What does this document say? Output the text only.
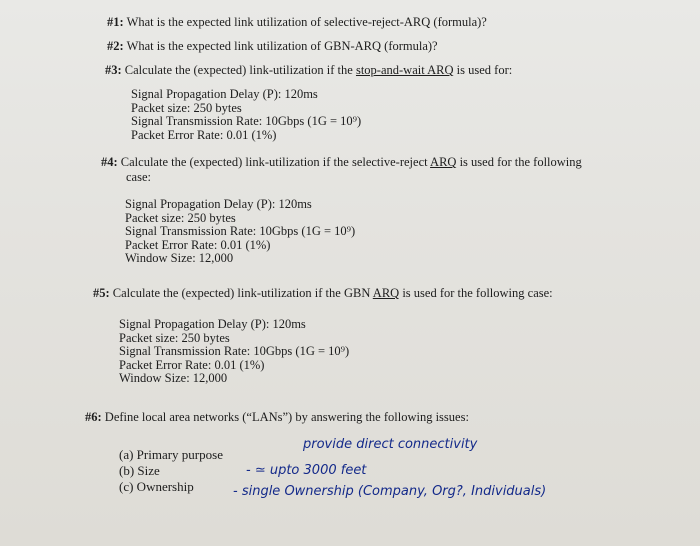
#1: What is the expected link utilization of selective-reject-ARQ (formula)?
#2: What is the expected link utilization of GBN-ARQ (formula)?
#3: Calculate the (expected) link-utilization if the stop-and-wait ARQ is used for:
Signal Propagation Delay (P): 120ms
Packet size: 250 bytes
Signal Transmission Rate: 10Gbps (1G = 10⁹)
Packet Error Rate: 0.01 (1%)
#4: Calculate the (expected) link-utilization if the selective-reject ARQ is used for the following
case:
Signal Propagation Delay (P): 120ms
Packet size: 250 bytes
Signal Transmission Rate: 10Gbps (1G = 10⁹)
Packet Error Rate: 0.01 (1%)
Window Size: 12,000
#5: Calculate the (expected) link-utilization if the GBN ARQ is used for the following case:
Signal Propagation Delay (P): 120ms
Packet size: 250 bytes
Signal Transmission Rate: 10Gbps (1G = 10⁹)
Packet Error Rate: 0.01 (1%)
Window Size: 12,000
#6: Define local area networks (“LANs”) by answering the following issues:
(a) Primary purpose
(b) Size
(c) Ownership
provide direct connectivity
- ≃ upto 3000 feet
- single Ownership (Company, Org?, Individuals)
